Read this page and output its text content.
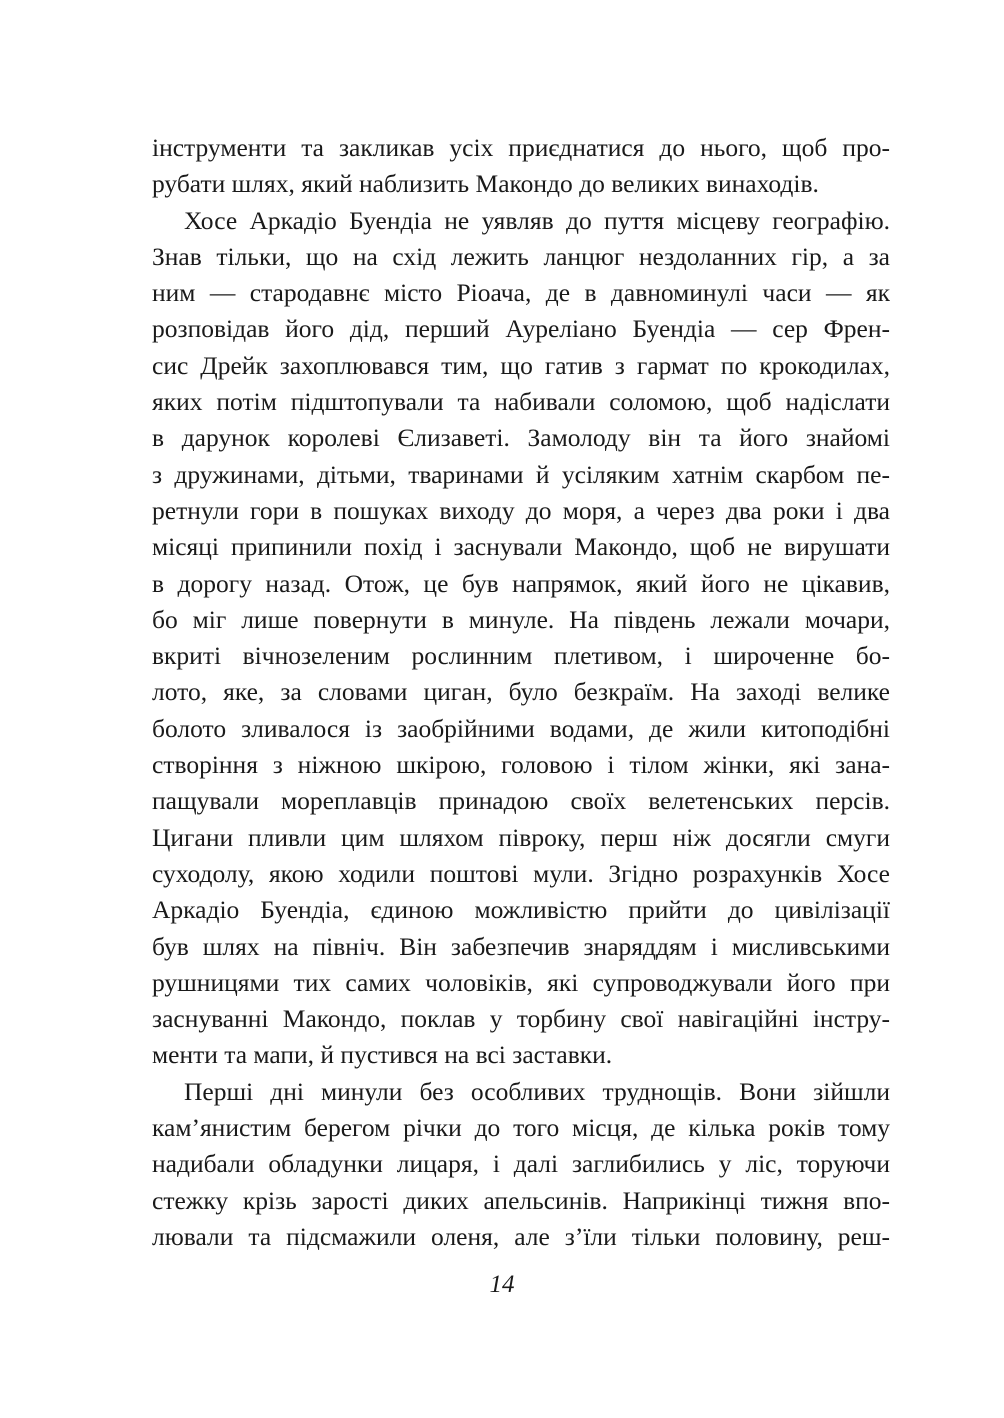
інструменти та закликав усіх приєднатися до нього, щоб про-
рубати шлях, який наблизить Макондо до великих винаходів.
Хосе Аркадіо Буендіа не уявляв до пуття місцеву географію.
Знав тільки, що на схід лежить ланцюг нездоланних гір, а за
ним — стародавнє місто Ріоача, де в давноминулі часи — як
розповідав його дід, перший Ауреліано Буендіа — сер Френ-
сис Дрейк захоплювався тим, що гатив з гармат по крокодилах,
яких потім підштопували та набивали соломою, щоб надіслати
в дарунок королеві Єлизаветі. Замолоду він та його знайомі
з дружинами, дітьми, тваринами й усіляким хатнім скарбом пе-
ретнули гори в пошуках виходу до моря, а через два роки і два
місяці припинили похід і заснували Макондо, щоб не вирушати
в дорогу назад. Отож, це був напрямок, який його не цікавив,
бо міг лише повернути в минуле. На південь лежали мочари,
вкриті вічнозеленим рослинним плетивом, і широченне бо-
лото, яке, за словами циган, було безкраїм. На заході велике
болото зливалося із заобрійними водами, де жили китоподібні
створіння з ніжною шкірою, головою і тілом жінки, які зана-
пащували мореплавців принадою своїх велетенських персів.
Цигани пливли цим шляхом півроку, перш ніж досягли смуги
суходолу, якою ходили поштові мули. Згідно розрахунків Хосе
Аркадіо Буендіа, єдиною можливістю прийти до цивілізації
був шлях на північ. Він забезпечив знаряддям і мисливськими
рушницями тих самих чоловіків, які супроводжували його при
заснуванні Макондо, поклав у торбину свої навігаційні інстру-
менти та мапи, й пустився на всі заставки.
Перші дні минули без особливих труднощів. Вони зійшли
кам’янистим берегом річки до того місця, де кілька років тому
надибали обладунки лицаря, і далі заглибились у ліс, торуючи
стежку крізь зарості диких апельсинів. Наприкінці тижня впо-
лювали та підсмажили оленя, але з’їли тільки половину, реш-
14
